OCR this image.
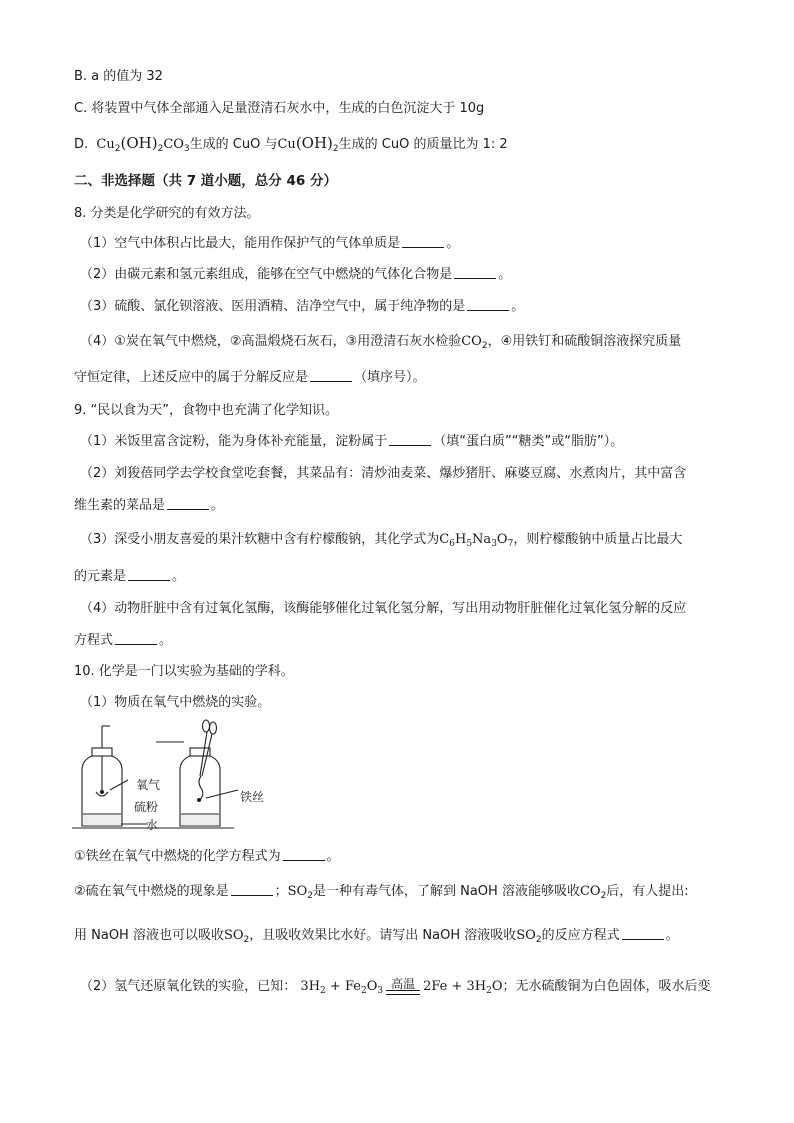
B. a 的值为 32
C. 将装置中气体全部通入足量澄清石灰水中，生成的白色沉淀大于 10g
D. $Cu_2(OH)_2CO_3$生成的 CuO 与$Cu(OH)_2$生成的 CuO 的质量比为 1: 2
二、非选择题（共 7 道小题，总分 46 分）
8. 分类是化学研究的有效方法。
（1）空气中体积占比最大，能用作保护气的气体单质是	。
（2）由碳元素和氢元素组成，能够在空气中燃烧的气体化合物是	。
（3）硫酸、氯化钡溶液、医用酒精、洁净空气中，属于纯净物的是	。
（4）①炭在氧气中燃烧，②高温煅烧石灰石，③用澄清石灰水检验$CO_2$，④用铁钉和硫酸铜溶液探究质量
守恒定律，上述反应中的属于分解反应是	（填序号）。
9. “民以食为天”，食物中也充满了化学知识。
（1）米饭里富含淀粉，能为身体补充能量，淀粉属于	（填“蛋白质”“糖类”或“脂肪”）。
（2）刘狻蓓同学去学校食堂吃套餐，其菜品有：清炒油麦菜、爆炒猪肝、麻婆豆腐、水煮肉片，其中富含
维生素的菜品是	。
（3）深受小朋友喜爱的果汁软糖中含有柠檬酸钠，其化学式为$C_6H_5Na_3O_7$，则柠檬酸钠中质量占比最大
的元素是	。
（4）动物肝脏中含有过氧化氢酶，该酶能够催化过氧化氢分解，写出用动物肝脏催化过氧化氢分解的反应
方程式	。
10. 化学是一门以实验为基础的学科。
（1）物质在氧气中燃烧的实验。
氧气
硫粉
铁丝
水
①铁丝在氧气中燃烧的化学方程式为	。
②硫在氧气中燃烧的现象是	；$SO_2$是一种有毒气体，了解到 NaOH 溶液能够吸收$CO_2$后，有人提出:
用 NaOH 溶液也可以吸收$SO_2$，且吸收效果比水好。请写出 NaOH 溶液吸收$SO_2$的反应方程式	。
（2）氢气还原氧化铁的实验，已知： $3H_2 + Fe_2O_3$ 高温 $2Fe + 3H_2O$；无水硫酸铜为白色固体，吸水后变
